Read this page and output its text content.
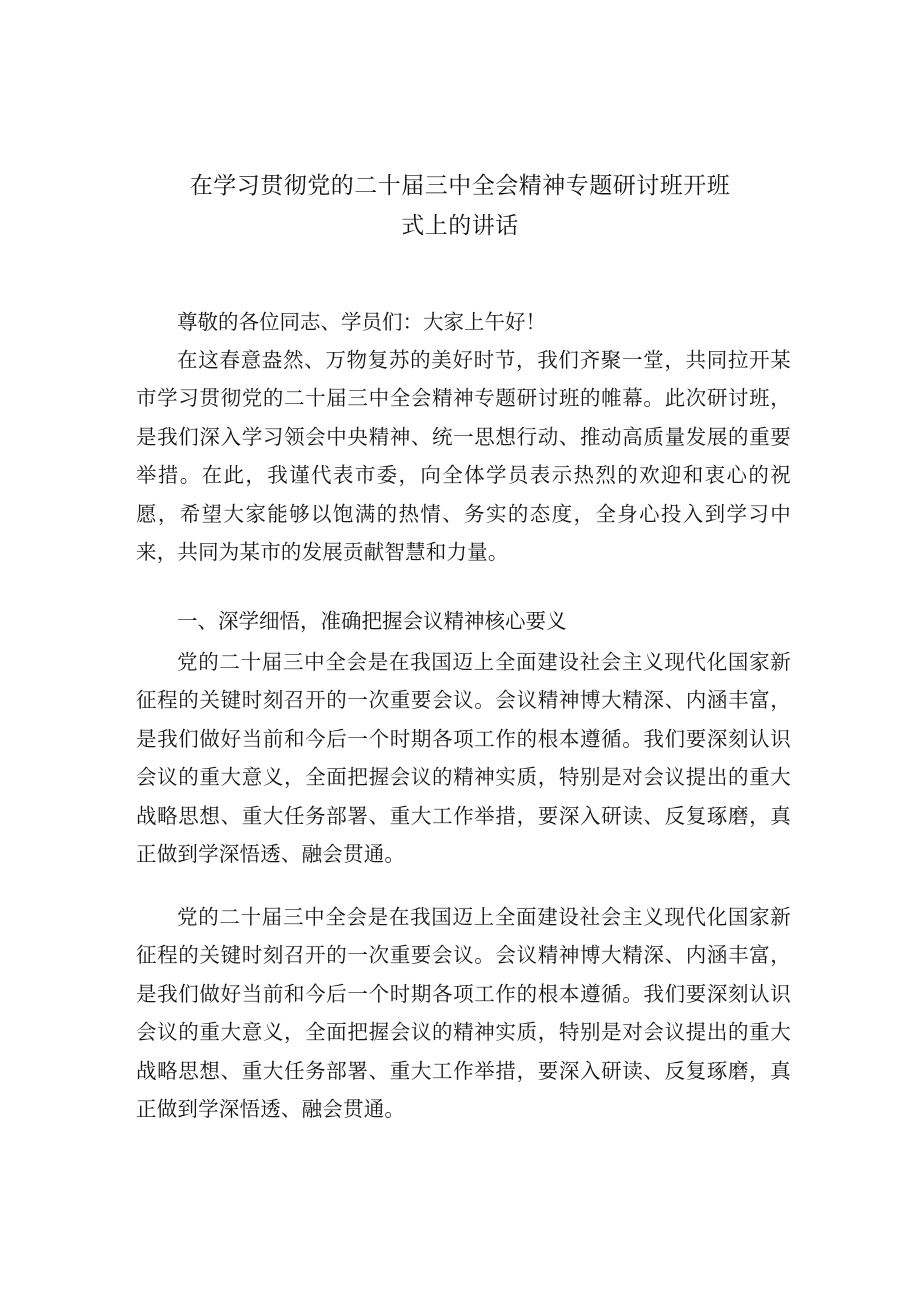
在学习贯彻党的二十届三中全会精神专题研讨班开班
式上的讲话

尊敬的各位同志、学员们：大家上午好！

在这春意盎然、万物复苏的美好时节，我们齐聚一堂，共同拉开某市学习贯彻党的二十届三中全会精神专题研讨班的帷幕。此次研讨班，是我们深入学习领会中央精神、统一思想行动、推动高质量发展的重要举措。在此，我谨代表市委，向全体学员表示热烈的欢迎和衷心的祝愿，希望大家能够以饱满的热情、务实的态度，全身心投入到学习中来，共同为某市的发展贡献智慧和力量。

一、深学细悟，准确把握会议精神核心要义

党的二十届三中全会是在我国迈上全面建设社会主义现代化国家新征程的关键时刻召开的一次重要会议。会议精神博大精深、内涵丰富，是我们做好当前和今后一个时期各项工作的根本遵循。我们要深刻认识会议的重大意义，全面把握会议的精神实质，特别是对会议提出的重大战略思想、重大任务部署、重大工作举措，要深入研读、反复琢磨，真正做到学深悟透、融会贯通。

党的二十届三中全会是在我国迈上全面建设社会主义现代化国家新征程的关键时刻召开的一次重要会议。会议精神博大精深、内涵丰富，是我们做好当前和今后一个时期各项工作的根本遵循。我们要深刻认识会议的重大意义，全面把握会议的精神实质，特别是对会议提出的重大战略思想、重大任务部署、重大工作举措，要深入研读、反复琢磨，真正做到学深悟透、融会贯通。
